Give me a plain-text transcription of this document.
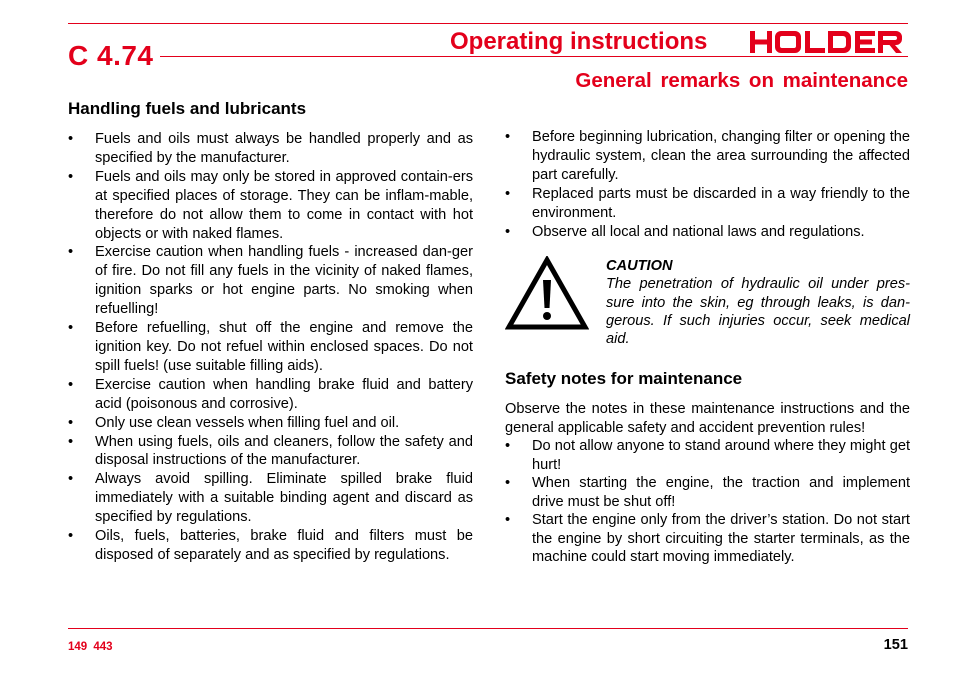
C 4.74	Operating instructions
General remarks on maintenance
Handling fuels and lubricants
• Fuels and oils must always be handled properly and as specified by the manufacturer.
• Fuels and oils may only be stored in approved contain-ers at specified places of storage. They can be inflam-mable, therefore do not allow them to come in contact with hot objects or with naked flames.
• Exercise caution when handling fuels - increased dan-ger of fire. Do not fill any fuels in the vicinity of naked flames, ignition sparks or hot engine parts. No smoking when refuelling!
• Before refuelling, shut off the engine and remove the ignition key. Do not refuel within enclosed spaces. Do not spill fuels! (use suitable filling aids).
• Exercise caution when handling brake fluid and battery acid (poisonous and corrosive).
• Only use clean vessels when filling fuel and oil.
• When using fuels, oils and cleaners, follow the safety and disposal instructions of the manufacturer.
• Always avoid spilling. Eliminate spilled brake fluid immediately with a suitable binding agent and discard as specified by regulations.
• Oils, fuels, batteries, brake fluid and filters must be disposed of separately and as specified by regulations.
• Before beginning lubrication, changing filter or opening the hydraulic system, clean the area surrounding the affected part carefully.
• Replaced parts must be discarded in a way friendly to the environment.
• Observe all local and national laws and regulations.
CAUTION
The penetration of hydraulic oil under pres-sure into the skin, eg through leaks, is dan-gerous. If such injuries occur, seek medical aid.
Safety notes for maintenance

Observe the notes in these maintenance instructions and the general applicable safety and accident prevention rules!

• Do not allow anyone to stand around where they might get hurt!
• When starting the engine, the traction and implement drive must be shut off!
• Start the engine only from the driver’s station. Do not start the engine by short circuiting the starter terminals, as the machine could start moving immediately.

149 443	151
